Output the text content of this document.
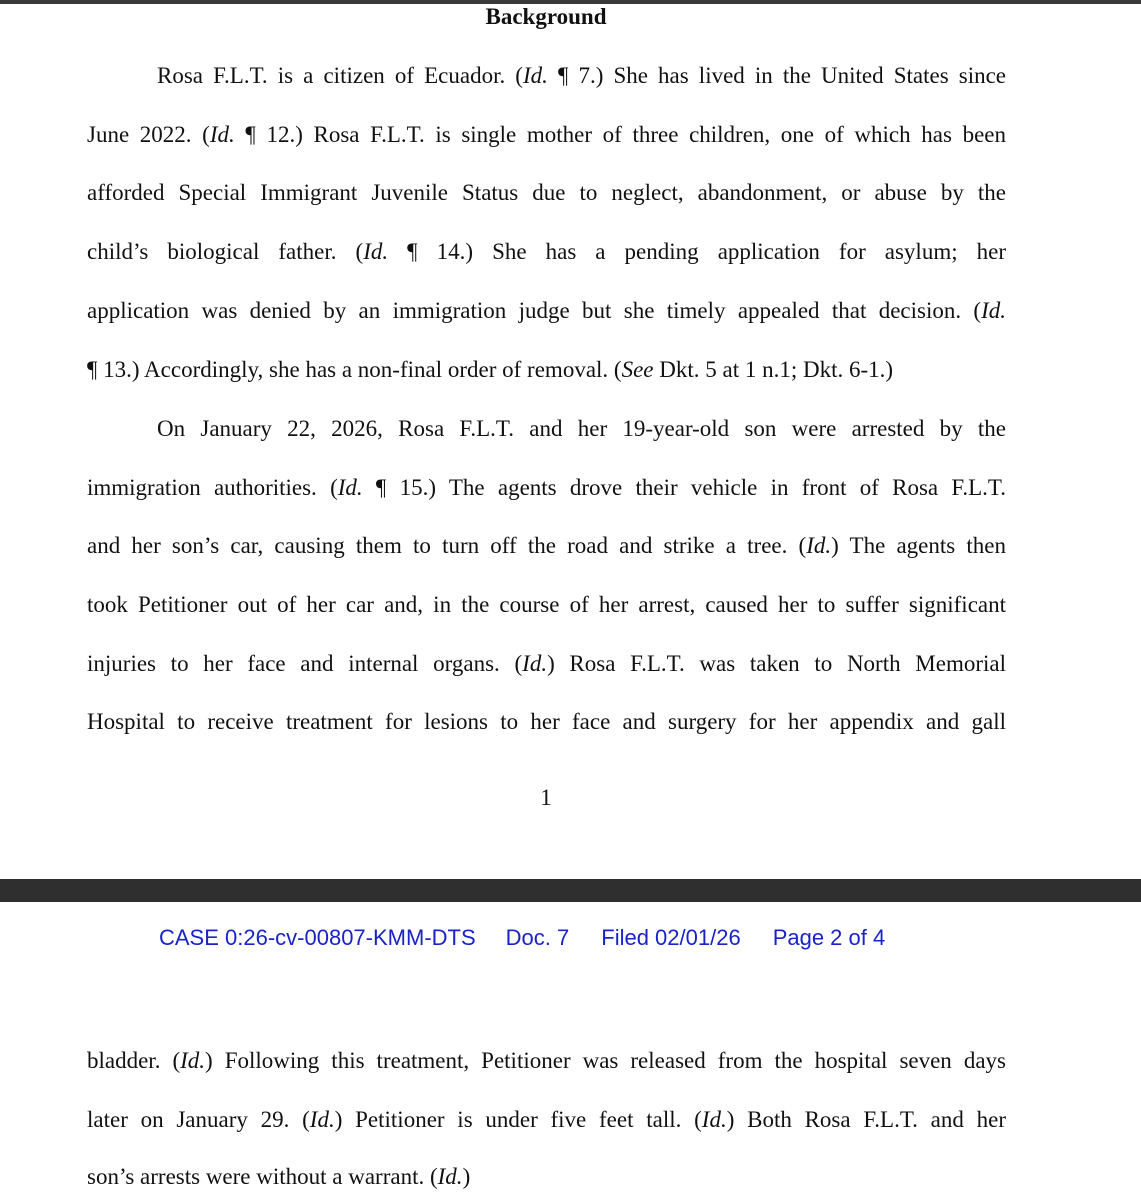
Background
Rosa F.L.T. is a citizen of Ecuador. (Id. ¶ 7.) She has lived in the United States since
June 2022. (Id. ¶ 12.) Rosa F.L.T. is single mother of three children, one of which has been
afforded Special Immigrant Juvenile Status due to neglect, abandonment, or abuse by the
child’s biological father. (Id. ¶ 14.) She has a pending application for asylum; her
application was denied by an immigration judge but she timely appealed that decision. (Id.
¶ 13.) Accordingly, she has a non-final order of removal. (See Dkt. 5 at 1 n.1; Dkt. 6-1.)
On January 22, 2026, Rosa F.L.T. and her 19-year-old son were arrested by the
immigration authorities. (Id. ¶ 15.) The agents drove their vehicle in front of Rosa F.L.T.
and her son’s car, causing them to turn off the road and strike a tree. (Id.) The agents then
took Petitioner out of her car and, in the course of her arrest, caused her to suffer significant
injuries to her face and internal organs. (Id.) Rosa F.L.T. was taken to North Memorial
Hospital to receive treatment for lesions to her face and surgery for her appendix and gall
1
CASE 0:26-cv-00807-KMM-DTS Doc. 7 Filed 02/01/26 Page 2 of 4
bladder. (Id.) Following this treatment, Petitioner was released from the hospital seven days
later on January 29. (Id.) Petitioner is under five feet tall. (Id.) Both Rosa F.L.T. and her
son’s arrests were without a warrant. (Id.)
